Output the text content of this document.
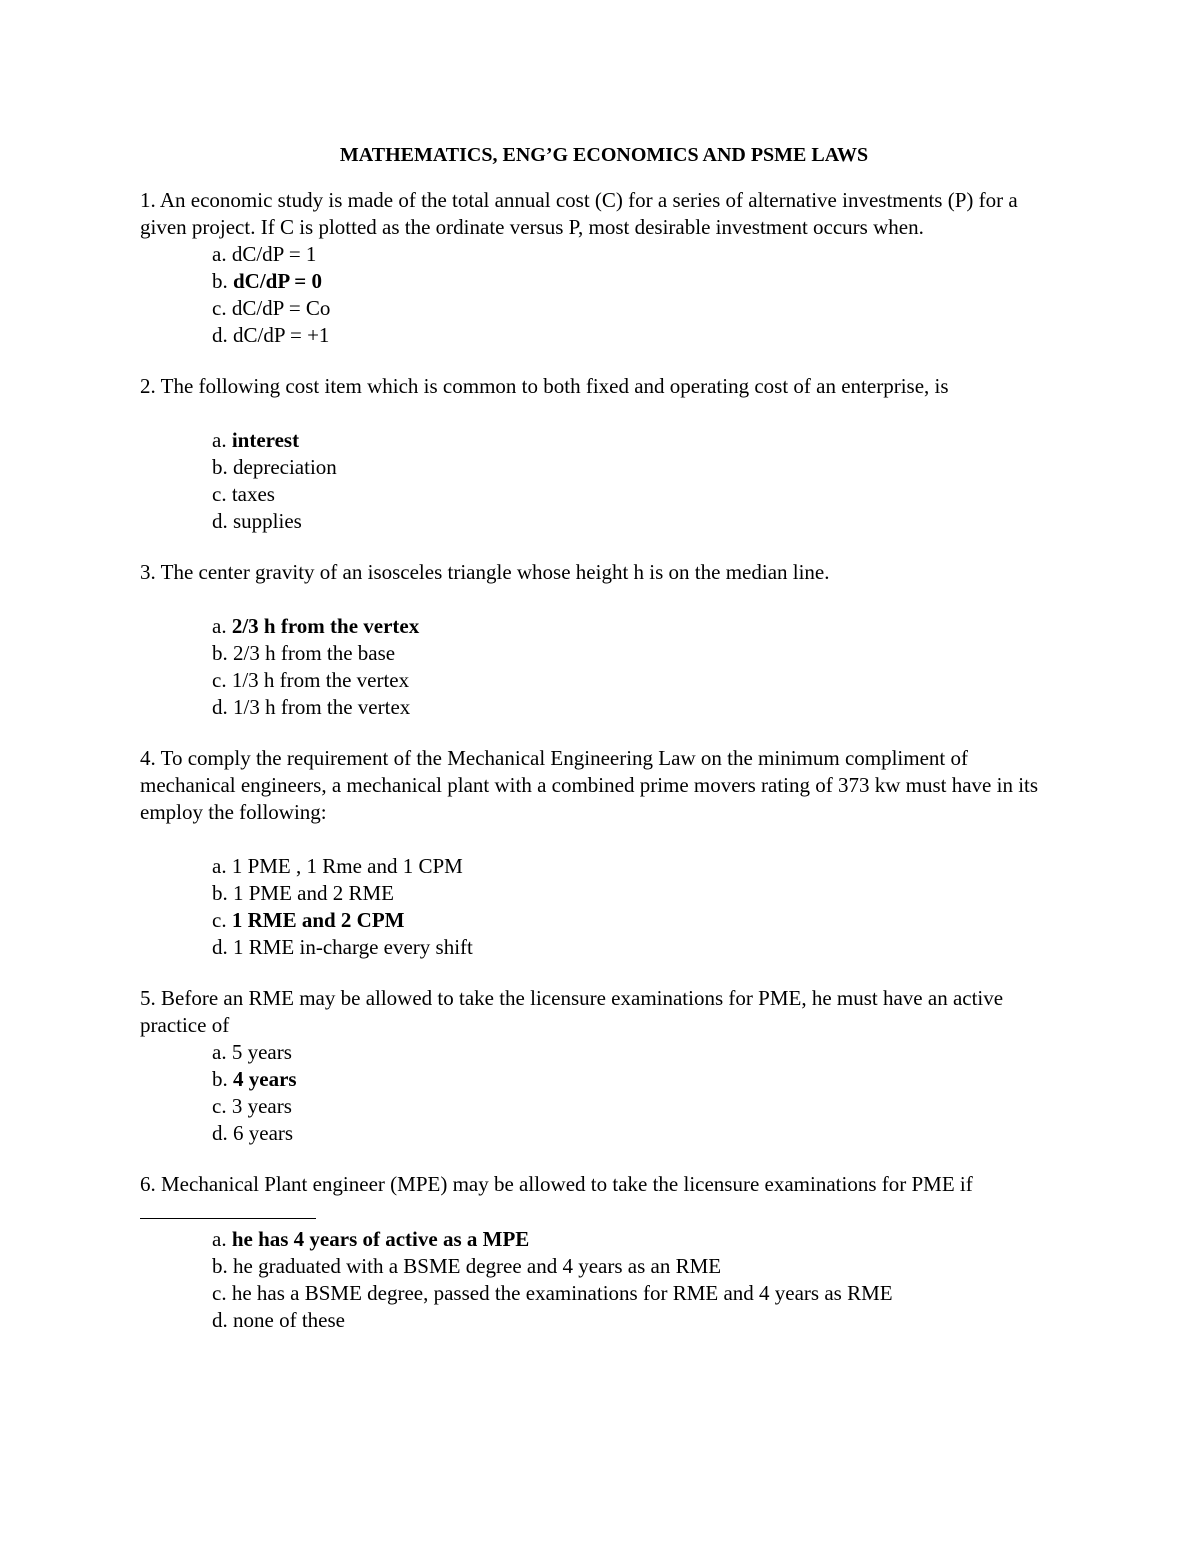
MATHEMATICS, ENG’G ECONOMICS AND PSME LAWS

1. An economic study is made of the total annual cost (C) for a series of alternative investments (P) for a given project. If C is plotted as the ordinate versus P, most desirable investment occurs when.

a. dC/dP = 1
b. dC/dP = 0
c. dC/dP = Co
d. dC/dP = +1

2. The following cost item which is common to both fixed and operating cost of an enterprise, is

a. interest
b. depreciation
c. taxes
d. supplies

3. The center gravity of an isosceles triangle whose height h is on the median line.

a. 2/3 h from the vertex
b. 2/3 h from the base
c. 1/3 h from the vertex
d. 1/3 h from the vertex

4. To comply the requirement of the Mechanical Engineering Law on the minimum compliment of mechanical engineers, a mechanical plant with a combined prime movers rating of 373 kw must have in its employ the following:

a. 1 PME , 1 Rme and 1 CPM
b. 1 PME and 2 RME
c. 1 RME and 2 CPM
d. 1 RME in-charge every shift

5. Before an RME may be allowed to take the licensure examinations for PME, he must have an active practice of

a. 5 years
b. 4 years
c. 3 years
d. 6 years

6. Mechanical Plant engineer (MPE) may be allowed to take the licensure examinations for PME if

a. he has 4 years of active as a MPE
b. he graduated with a BSME degree and 4 years as an RME
c. he has a BSME degree, passed the examinations for RME and 4 years as RME
d. none of these
